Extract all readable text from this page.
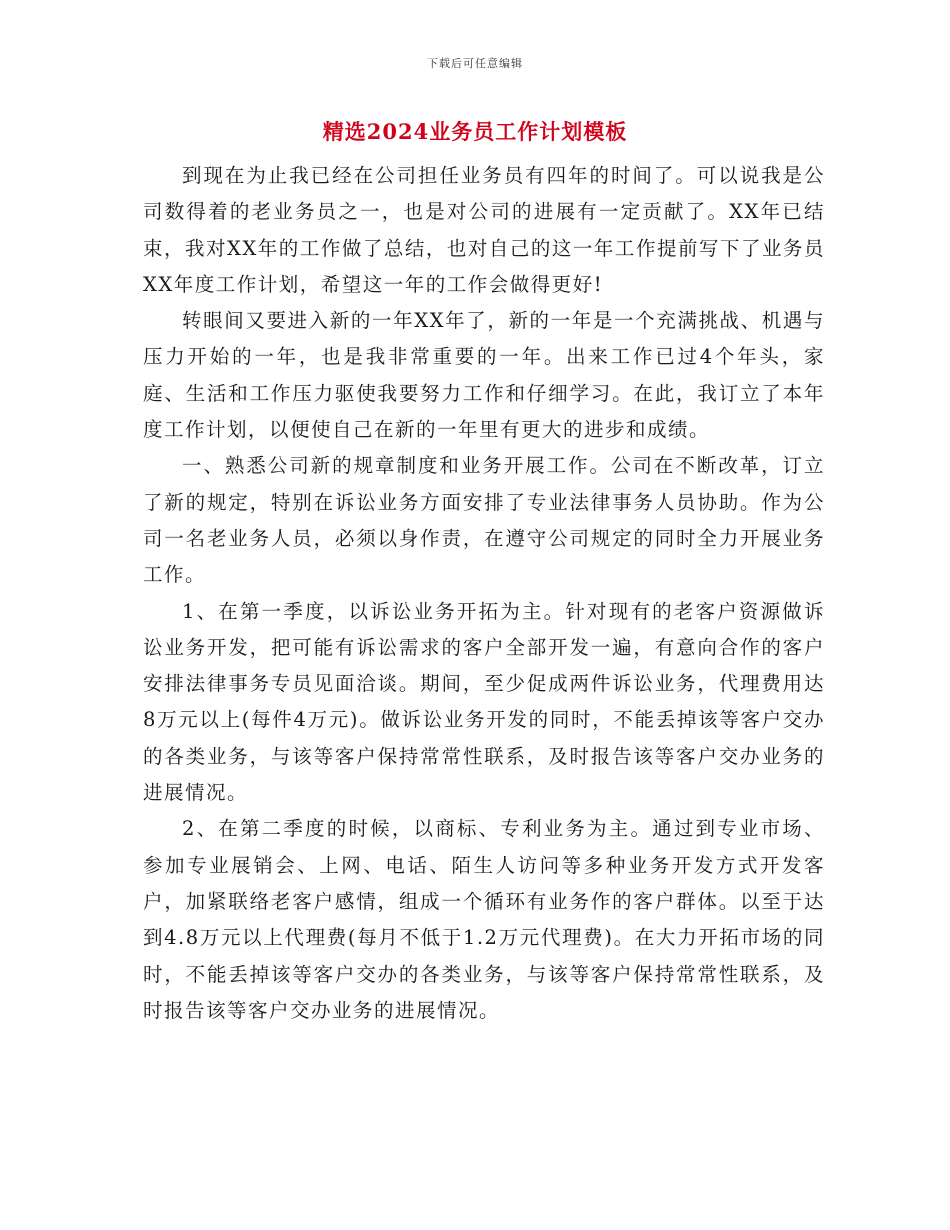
下载后可任意编辑
精选2024业务员工作计划模板

到现在为止我已经在公司担任业务员有四年的时间了。可以说我是公司数得着的老业务员之一，也是对公司的进展有一定贡献了。XX年已结束，我对XX年的工作做了总结，也对自己的这一年工作提前写下了业务员XX年度工作计划，希望这一年的工作会做得更好!

转眼间又要进入新的一年XX年了，新的一年是一个充满挑战、机遇与压力开始的一年，也是我非常重要的一年。出来工作已过4个年头，家庭、生活和工作压力驱使我要努力工作和仔细学习。在此，我订立了本年度工作计划，以便使自己在新的一年里有更大的进步和成绩。

一、熟悉公司新的规章制度和业务开展工作。公司在不断改革，订立了新的规定，特别在诉讼业务方面安排了专业法律事务人员协助。作为公司一名老业务人员，必须以身作责，在遵守公司规定的同时全力开展业务工作。

1、在第一季度，以诉讼业务开拓为主。针对现有的老客户资源做诉讼业务开发，把可能有诉讼需求的客户全部开发一遍，有意向合作的客户安排法律事务专员见面洽谈。期间，至少促成两件诉讼业务，代理费用达8万元以上(每件4万元)。做诉讼业务开发的同时，不能丢掉该等客户交办的各类业务，与该等客户保持常常性联系，及时报告该等客户交办业务的进展情况。

2、在第二季度的时候，以商标、专利业务为主。通过到专业市场、参加专业展销会、上网、电话、陌生人访问等多种业务开发方式开发客户，加紧联络老客户感情，组成一个循环有业务作的客户群体。以至于达到4.8万元以上代理费(每月不低于1.2万元代理费)。在大力开拓市场的同时，不能丢掉该等客户交办的各类业务，与该等客户保持常常性联系，及时报告该等客户交办业务的进展情况。
